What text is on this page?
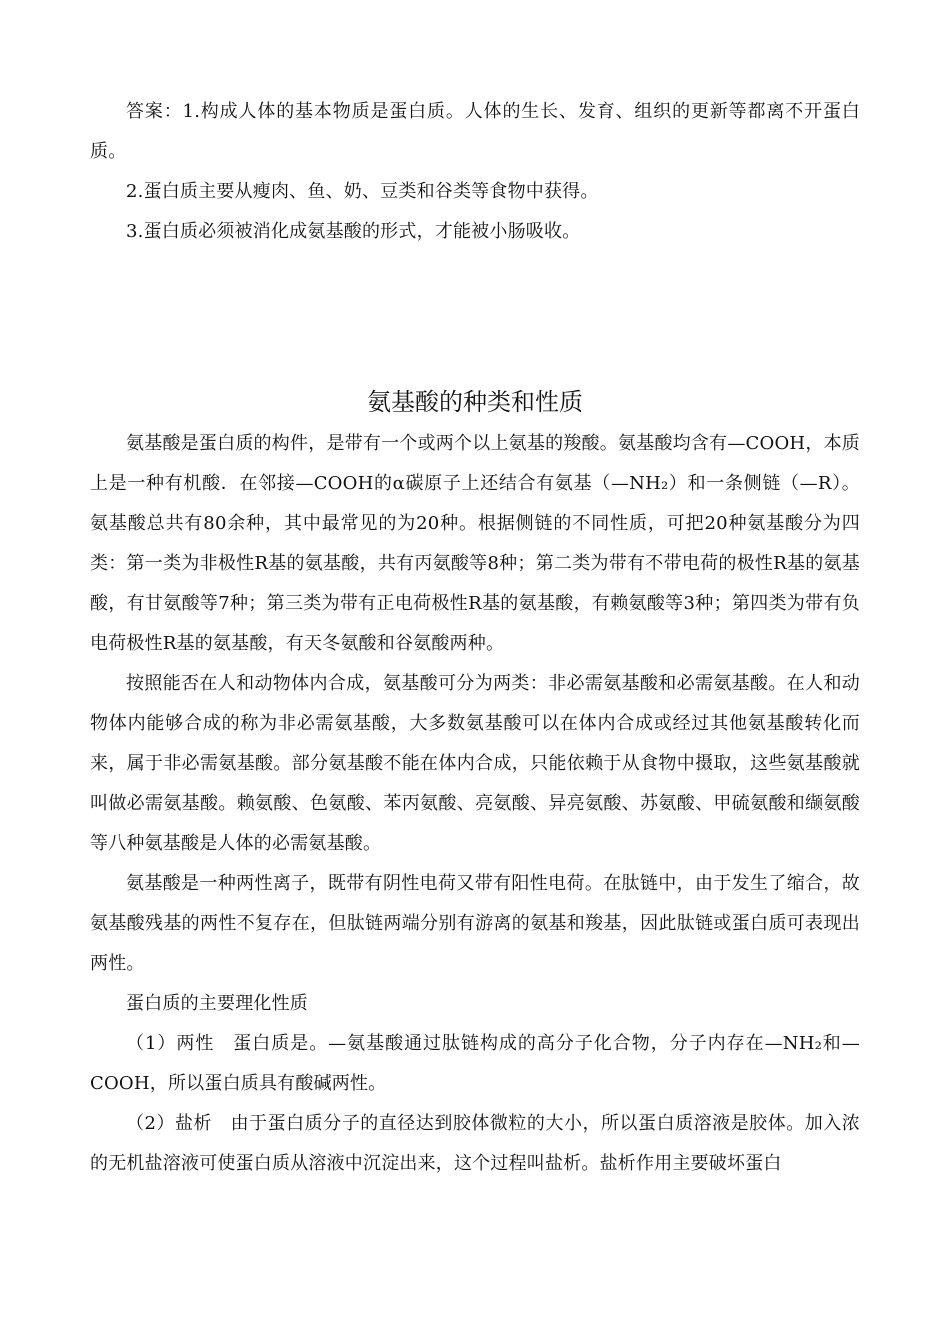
答案：1.构成人体的基本物质是蛋白质。人体的生长、发育、组织的更新等都离不开蛋白质。

2.蛋白质主要从瘦肉、鱼、奶、豆类和谷类等食物中获得。

3.蛋白质必须被消化成氨基酸的形式，才能被小肠吸收。

氨基酸的种类和性质

氨基酸是蛋白质的构件，是带有一个或两个以上氨基的羧酸。氨基酸均含有—COOH，本质上是一种有机酸．在邻接—COOH的α碳原子上还结合有氨基（—NH₂）和一条侧链（—R）。氨基酸总共有80余种，其中最常见的为20种。根据侧链的不同性质，可把20种氨基酸分为四类：第一类为非极性R基的氨基酸，共有丙氨酸等8种；第二类为带有不带电荷的极性R基的氨基酸，有甘氨酸等7种；第三类为带有正电荷极性R基的氨基酸，有赖氨酸等3种；第四类为带有负电荷极性R基的氨基酸，有天冬氨酸和谷氨酸两种。

按照能否在人和动物体内合成，氨基酸可分为两类：非必需氨基酸和必需氨基酸。在人和动物体内能够合成的称为非必需氨基酸，大多数氨基酸可以在体内合成或经过其他氨基酸转化而来，属于非必需氨基酸。部分氨基酸不能在体内合成，只能依赖于从食物中摄取，这些氨基酸就叫做必需氨基酸。赖氨酸、色氨酸、苯丙氨酸、亮氨酸、异亮氨酸、苏氨酸、甲硫氨酸和缬氨酸等八种氨基酸是人体的必需氨基酸。

氨基酸是一种两性离子，既带有阴性电荷又带有阳性电荷。在肽链中，由于发生了缩合，故氨基酸残基的两性不复存在，但肽链两端分别有游离的氨基和羧基，因此肽链或蛋白质可表现出两性。

蛋白质的主要理化性质

（1）两性　蛋白质是。—氨基酸通过肽链构成的高分子化合物，分子内存在—NH₂和—COOH，所以蛋白质具有酸碱两性。

（2）盐析　由于蛋白质分子的直径达到胶体微粒的大小，所以蛋白质溶液是胶体。加入浓的无机盐溶液可使蛋白质从溶液中沉淀出来，这个过程叫盐析。盐析作用主要破坏蛋白
